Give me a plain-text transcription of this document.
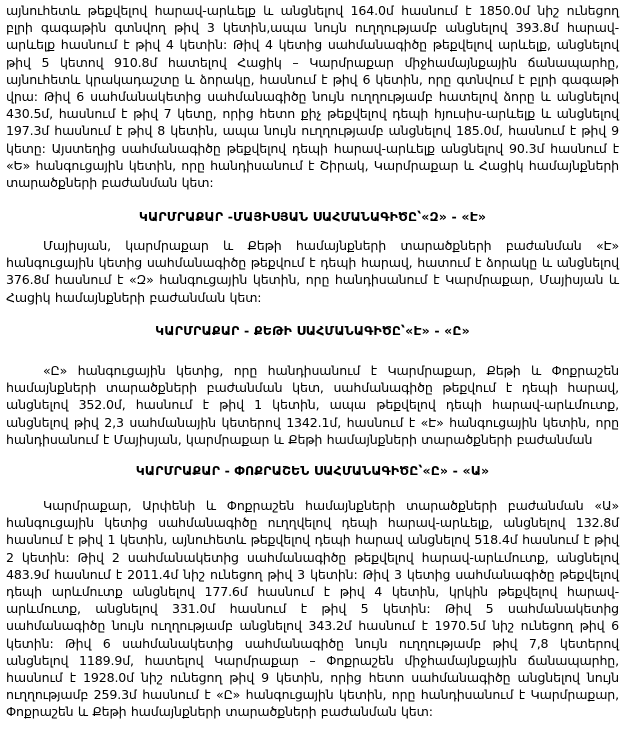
այնուհետև թեքվելով հարավ-արևելք և անցնելով 164.0մ հասնում է 1850.0մ նիշ ունեցող բլրի գագաթին գտնվող թիվ 3 կետին,ապա նույն ուղղությամբ անցնելով 393.8մ հարավ-արևելք հասնում է թիվ 4 կետին: Թիվ 4 կետից սահմանագիծը թեքվելով արևելք, անցնելով թիվ 5 կետով 910.8մ հատելով Հացիկ – Կարմրաքար միջհամայնքային ճանապարհը, այնուհետև կրակադաշտը և ձորակը, հասնում է թիվ 6 կետին, որը գտնվում է բլրի գագաթի վրա: Թիվ 6 սահմանակետից սահմանագիծը նույն ուղղությամբ հատելով ձորը և անցնելով 430.5մ, հասնում է թիվ 7 կետը, որից հետո քիչ թեքվելով դեպի հյուսիս-արևելք և անցնելով 197.3մ հասնում է թիվ 8 կետին, ապա նույն ուղղությամբ անցնելով 185.0մ, հասնում է թիվ 9 կետը: Այստեղից սահմանագիծը թեքվելով դեպի հարավ-արևելք անցնելով 90.3մ հասնում է «Ե» հանգուցային կետին, որը հանդիսանում է Շիրակ, Կարմրաքար և Հացիկ համայնքների տարածքների բաժանման կետ:

ԿԱՐՄՐԱՔԱՐ -ՄԱՅԻՍՅԱՆ ՍԱՀՄԱՆԱԳԻԾԸ՝«Զ» - «Է»

Մայիսյան, կարմրաքար և Քեթի համայնքների տարածքների բաժանման «Է» հանգուցային կետից սահմանագիծը թեքվում է դեպի հարավ, հատում է ձորակը և անցնելով 376.8մ հասնում է «Զ» հանգուցային կետին, որը հանդիսանում է Կարմրաքար, Մայիսյան և Հացիկ համայնքների բաժանման կետ:

ԿԱՐՄՐԱՔԱՐ - ՔԵԹԻ ՍԱՀՄԱՆԱԳԻԾԸ՝«Է» - «Ը»

«Ը» հանգուցային կետից, որը հանդիսանում է Կարմրաքար, Քեթի և Փոքրաշեն համայնքների տարածքների բաժանման կետ, սահմանագիծը թեքվում է դեպի հարավ, անցնելով 352.0մ, հասնում է թիվ 1 կետին, ապա թեքվելով դեպի հարավ-արևմուտք, անցնելով թիվ 2,3 սահմանային կետերով 1342.1մ, հասնում է «Է» հանգուցային կետին, որը հանդիսանում է Մայիսյան, կարմրաքար և Քեթի համայնքների տարածքների բաժանման

ԿԱՐՄՐԱՔԱՐ - ՓՈՔՐԱՇԵՆ ՍԱՀՄԱՆԱԳԻԾԸ՝«Ը» - «Ա»

Կարմրաքար, Արփենի և Փոքրաշեն համայնքների տարածքների բաժանման «Ա» հանգուցային կետից սահմանագիծը ուղղվելով դեպի հարավ-արևելք, անցնելով 132.8մ հասնում է թիվ 1 կետին, այնուհետև թեքվելով դեպի հարավ անցնելով 518.4մ հասնում է թիվ 2 կետին: Թիվ 2 սահմանակետից սահմանագիծը թեքվելով հարավ-արևմուտք, անցնելով 483.9մ հասնում է 2011.4մ նիշ ունեցող թիվ 3 կետին: Թիվ 3 կետից սահմանագիծը թեքվելով դեպի արևմուտք անցնելով 177.6մ հասնում է թիվ 4 կետին, կրկին թեքվելով հարավ-արևմուտք, անցնելով 331.0մ հասնում է թիվ 5 կետին: Թիվ 5 սահմանակետից սահմանագիծը նույն ուղղությամբ անցնելով 343.2մ հասնում է 1970.5մ նիշ ունեցող թիվ 6 կետին: Թիվ 6 սահմանակետից սահմանագիծը նույն ուղղությամբ թիվ 7,8 կետերով անցնելով 1189.9մ, հատելով Կարմրաքար – Փոքրաշեն միջհամայնքային ճանապարհը, հասնում է 1928.0մ նիշ ունեցող թիվ 9 կետին, որից հետո սահմանագիծը անցնելով նույն ուղղությամբ 259.3մ հասնում է «Ը» հանգուցային կետին, որը հանդիսանում է Կարմրաքար, Փոքրաշեն և Քեթի համայնքների տարածքների բաժանման կետ:
